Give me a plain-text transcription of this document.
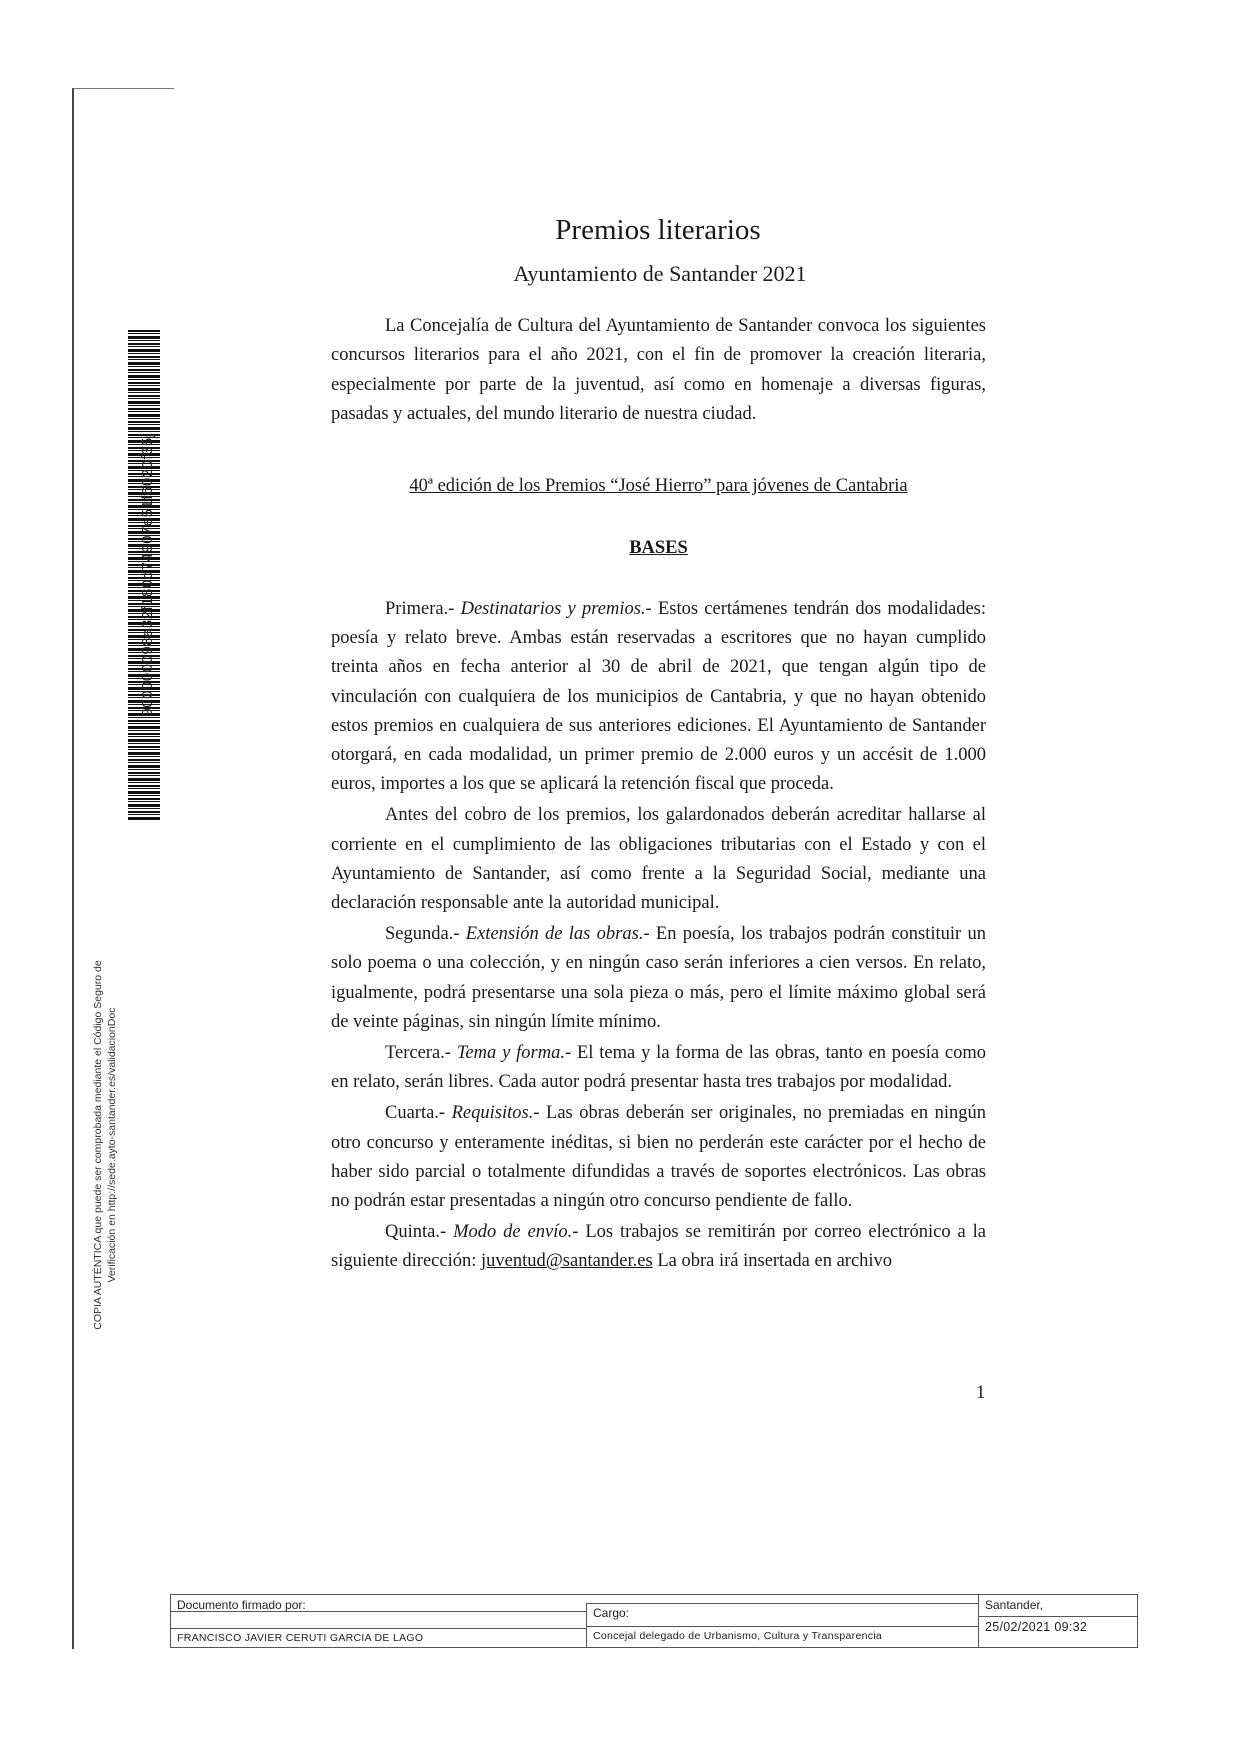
900000098a32f180d74907e51f6020f35j
COPIA AUTÉNTICA que puede ser comprobada mediante el Código Seguro de Verificación en http://sede.ayto-santander.es/validacionDoc
Premios literarios
Ayuntamiento de Santander 2021

La Concejalía de Cultura del Ayuntamiento de Santander convoca los siguientes concursos literarios para el año 2021, con el fin de promover la creación literaria, especialmente por parte de la juventud, así como en homenaje a diversas figuras, pasadas y actuales, del mundo literario de nuestra ciudad.

40ª edición de los Premios “José Hierro” para jóvenes de Cantabria
BASES

Primera.- Destinatarios y premios.- Estos certámenes tendrán dos modalidades: poesía y relato breve. Ambas están reservadas a escritores que no hayan cumplido treinta años en fecha anterior al 30 de abril de 2021, que tengan algún tipo de vinculación con cualquiera de los municipios de Cantabria, y que no hayan obtenido estos premios en cualquiera de sus anteriores ediciones. El Ayuntamiento de Santander otorgará, en cada modalidad, un primer premio de 2.000 euros y un accésit de 1.000 euros, importes a los que se aplicará la retención fiscal que proceda.

Antes del cobro de los premios, los galardonados deberán acreditar hallarse al corriente en el cumplimiento de las obligaciones tributarias con el Estado y con el Ayuntamiento de Santander, así como frente a la Seguridad Social, mediante una declaración responsable ante la autoridad municipal.

Segunda.- Extensión de las obras.- En poesía, los trabajos podrán constituir un solo poema o una colección, y en ningún caso serán inferiores a cien versos. En relato, igualmente, podrá presentarse una sola pieza o más, pero el límite máximo global será de veinte páginas, sin ningún límite mínimo.

Tercera.- Tema y forma.- El tema y la forma de las obras, tanto en poesía como en relato, serán libres. Cada autor podrá presentar hasta tres trabajos por modalidad.

Cuarta.- Requisitos.- Las obras deberán ser originales, no premiadas en ningún otro concurso y enteramente inéditas, si bien no perderán este carácter por el hecho de haber sido parcial o totalmente difundidas a través de soportes electrónicos. Las obras no podrán estar presentadas a ningún otro concurso pendiente de fallo.

Quinta.- Modo de envío.- Los trabajos se remitirán por correo electrónico a la siguiente dirección: juventud@santander.es La obra irá insertada en archivo

1
Documento firmado por:
FRANCISCO JAVIER CERUTI GARCIA DE LAGO
Cargo:
Concejal delegado de Urbanismo, Cultura y Transparencia
Santander,
25/02/2021 09:32
